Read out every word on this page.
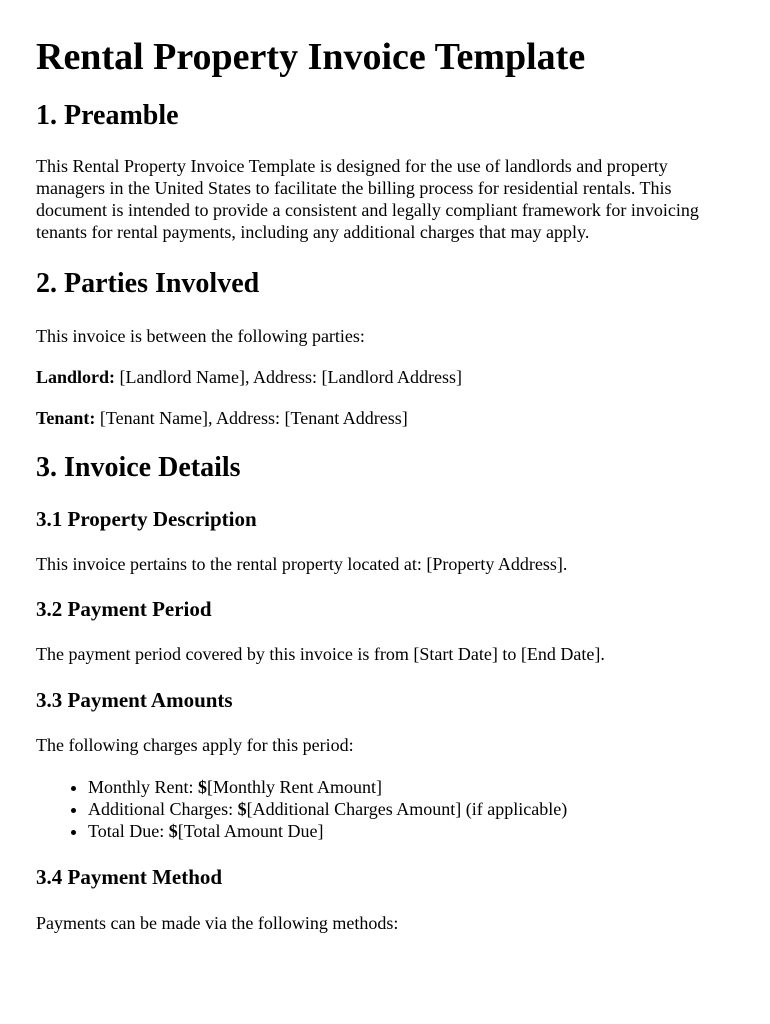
Rental Property Invoice Template
1. Preamble

This Rental Property Invoice Template is designed for the use of landlords and property managers in the United States to facilitate the billing process for residential rentals. This document is intended to provide a consistent and legally compliant framework for invoicing tenants for rental payments, including any additional charges that may apply.

2. Parties Involved

This invoice is between the following parties:

Landlord: [Landlord Name], Address: [Landlord Address]

Tenant: [Tenant Name], Address: [Tenant Address]

3. Invoice Details
3.1 Property Description

This invoice pertains to the rental property located at: [Property Address].

3.2 Payment Period

The payment period covered by this invoice is from [Start Date] to [End Date].

3.3 Payment Amounts

The following charges apply for this period:

• Monthly Rent: $[Monthly Rent Amount]
• Additional Charges: $[Additional Charges Amount] (if applicable)
• Total Due: $[Total Amount Due]
3.4 Payment Method

Payments can be made via the following methods:
